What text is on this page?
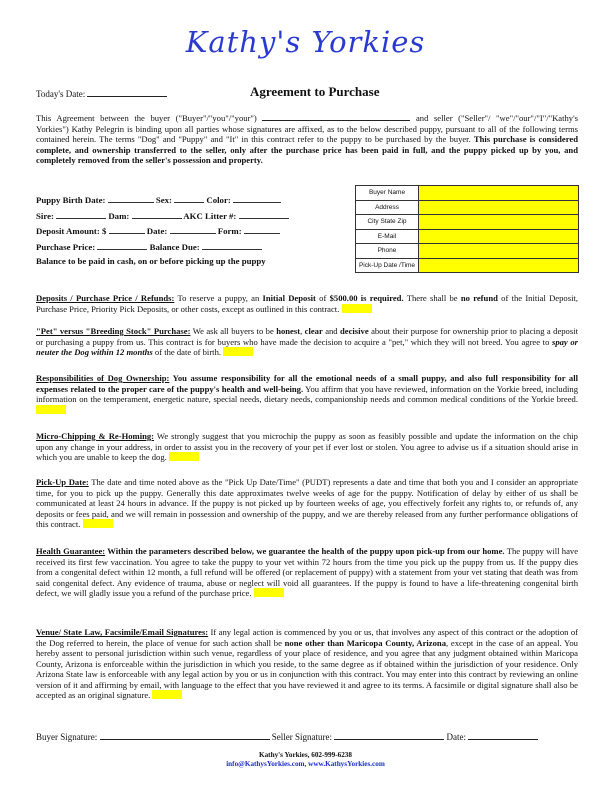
Kathy's Yorkies
Today's Date:	Agreement to Purchase
This Agreement between the buyer ("Buyer"/"you"/"your")	and seller ("Seller"/ "we"/"our"/"I"/"Kathy's Yorkies") Kathy Pelegrin is binding upon all parties whose signatures are affixed, as to the below described puppy, pursuant to all of the following terms contained herein. The terms "Dog" and "Puppy" and "It" in this contract refer to the puppy to be purchased by the buyer. This purchase is considered complete, and ownership transferred to the seller, only after the purchase price has been paid in full, and the puppy picked up by you, and completely removed from the seller's possession and property.
Puppy Birth Date:	Sex:	Color:
Sire:	Dam:	AKC Litter #:
Deposit Amount: $	Date:	Form:
Purchase Price:	Balance Due:
Balance to be paid in cash, on or before picking up the puppy
Buyer Name	
Address	
City State Zip	
E-Mail	
Phone	
Pick-Up Date /Time	
Deposits / Purchase Price / Refunds: To reserve a puppy, an Initial Deposit of $500.00 is required. There shall be no refund of the Initial Deposit, Purchase Price, Priority Pick Deposits, or other costs, except as outlined in this contract.
"Pet" versus "Breeding Stock" Purchase: We ask all buyers to be honest, clear and decisive about their purpose for ownership prior to placing a deposit or purchasing a puppy from us. This contract is for buyers who have made the decision to acquire a "pet," which they will not breed. You agree to spay or neuter the Dog within 12 months of the date of birth.
Responsibilities of Dog Ownership: You assume responsibility for all the emotional needs of a small puppy, and also full responsibility for all expenses related to the proper care of the puppy's health and well-being. You affirm that you have reviewed, information on the Yorkie breed, including information on the temperament, energetic nature, special needs, dietary needs, companionship needs and common medical conditions of the Yorkie breed.
Micro-Chipping & Re-Homing: We strongly suggest that you microchip the puppy as soon as feasibly possible and update the information on the chip upon any change in your address, in order to assist you in the recovery of your pet if ever lost or stolen. You agree to advise us if a situation should arise in which you are unable to keep the dog.
Pick-Up Date: The date and time noted above as the "Pick Up Date/Time" (PUDT) represents a date and time that both you and I consider an appropriate time, for you to pick up the puppy. Generally this date approximates twelve weeks of age for the puppy. Notification of delay by either of us shall be communicated at least 24 hours in advance. If the puppy is not picked up by fourteen weeks of age, you effectively forfeit any rights to, or refunds of, any deposits or fees paid, and we will remain in possession and ownership of the puppy, and we are thereby released from any further performance obligations of this contract.
Health Guarantee: Within the parameters described below, we guarantee the health of the puppy upon pick-up from our home. The puppy will have received its first few vaccination. You agree to take the puppy to your vet within 72 hours from the time you pick up the puppy from us. If the puppy dies from a congenital defect within 12 month, a full refund will be offered (or replacement of puppy) with a statement from your vet stating that death was from said congenital defect. Any evidence of trauma, abuse or neglect will void all guarantees. If the puppy is found to have a life-threatening congenital birth defect, we will gladly issue you a refund of the purchase price.
Venue/ State Law, Facsimile/Email Signatures: If any legal action is commenced by you or us, that involves any aspect of this contract or the adoption of the Dog referred to herein, the place of venue for such action shall be none other than Maricopa County, Arizona, except in the case of an appeal. You hereby assent to personal jurisdiction within such venue, regardless of your place of residence, and you agree that any judgment obtained within Maricopa County, Arizona is enforceable within the jurisdiction in which you reside, to the same degree as if obtained within the jurisdiction of your residence. Only Arizona State law is enforceable with any legal action by you or us in conjunction with this contract. You may enter into this contract by reviewing an online version of it and affirming by email, with language to the effect that you have reviewed it and agree to its terms. A facsimile or digital signature shall also be accepted as an original signature.
Buyer Signature:	Seller Signature:	Date:
Kathy's Yorkies, 602-999-6238
info@KathysYorkies.com, www.KathysYorkies.com
